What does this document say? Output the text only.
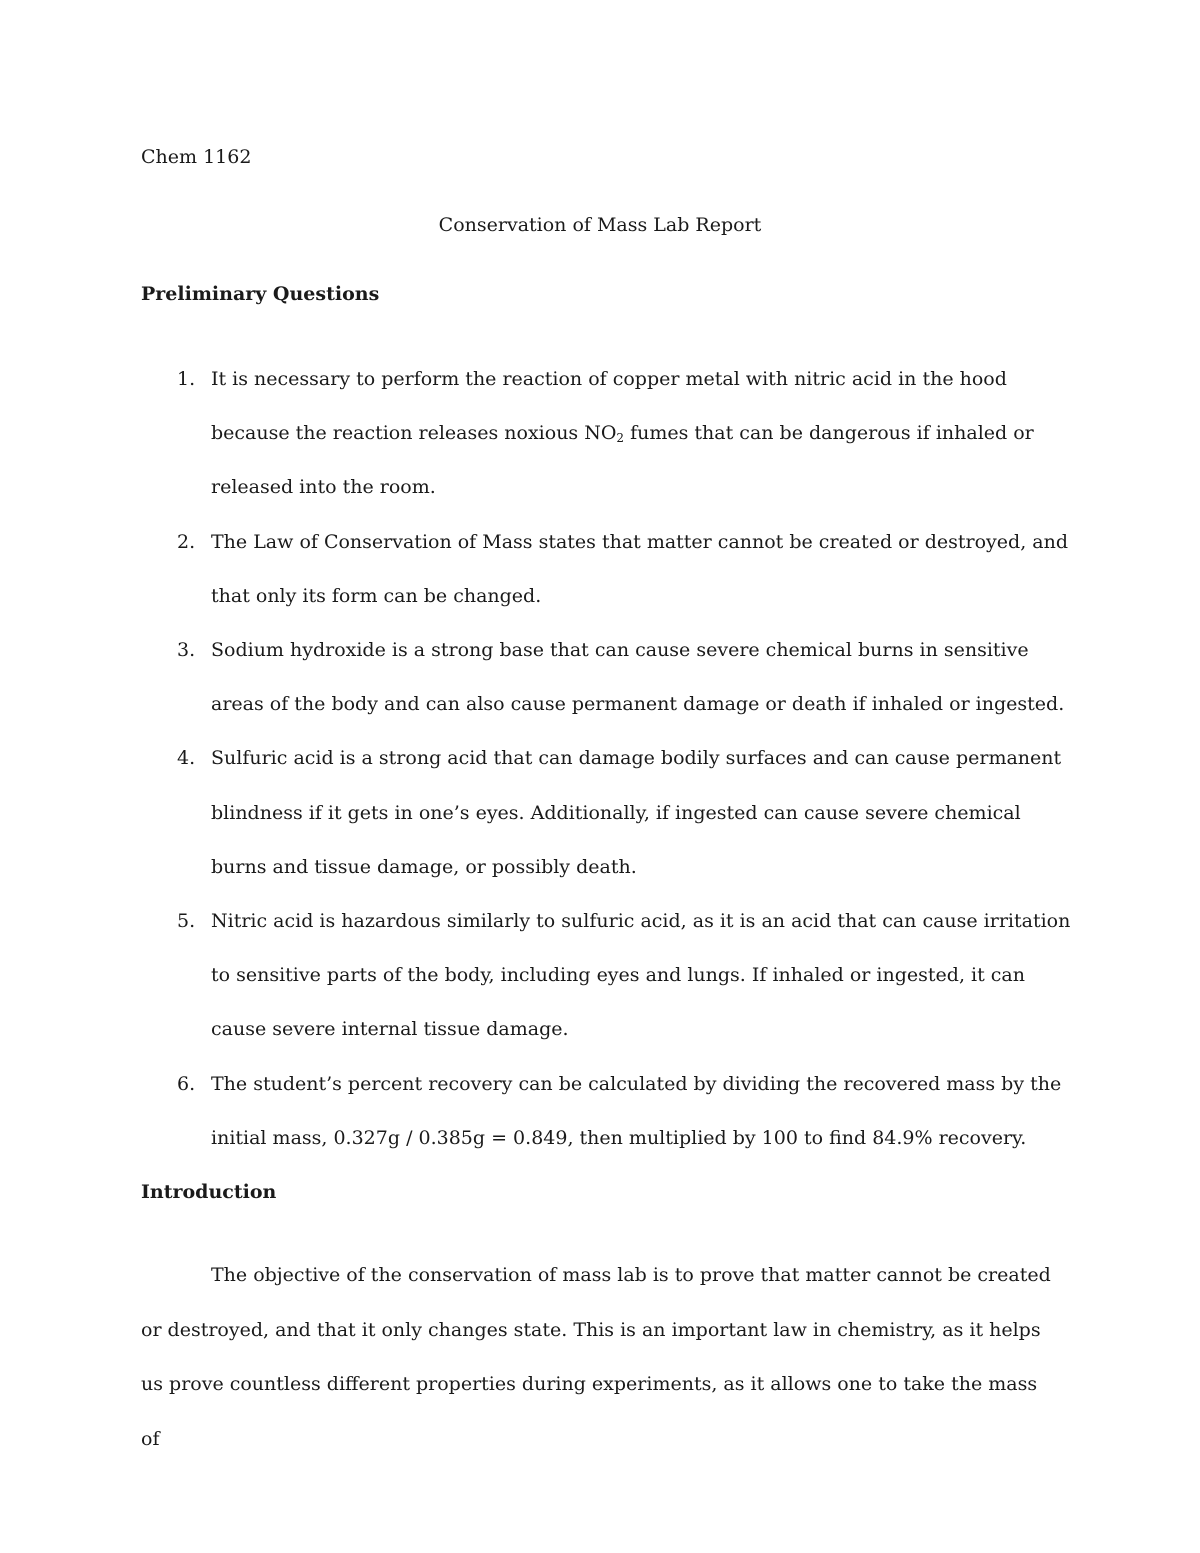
Chem 1162
Conservation of Mass Lab Report
Preliminary Questions
1. It is necessary to perform the reaction of copper metal with nitric acid in the hood because the reaction releases noxious $NO_2$ fumes that can be dangerous if inhaled or released into the room.
2. The Law of Conservation of Mass states that matter cannot be created or destroyed, and that only its form can be changed.
3. Sodium hydroxide is a strong base that can cause severe chemical burns in sensitive areas of the body and can also cause permanent damage or death if inhaled or ingested.
4. Sulfuric acid is a strong acid that can damage bodily surfaces and can cause permanent blindness if it gets in one’s eyes. Additionally, if ingested can cause severe chemical burns and tissue damage, or possibly death.
5. Nitric acid is hazardous similarly to sulfuric acid, as it is an acid that can cause irritation to sensitive parts of the body, including eyes and lungs. If inhaled or ingested, it can cause severe internal tissue damage.
6. The student’s percent recovery can be calculated by dividing the recovered mass by the initial mass, 0.327g / 0.385g = 0.849, then multiplied by 100 to find 84.9% recovery.
Introduction

The objective of the conservation of mass lab is to prove that matter cannot be created or destroyed, and that it only changes state. This is an important law in chemistry, as it helps us prove countless different properties during experiments, as it allows one to take the mass of
